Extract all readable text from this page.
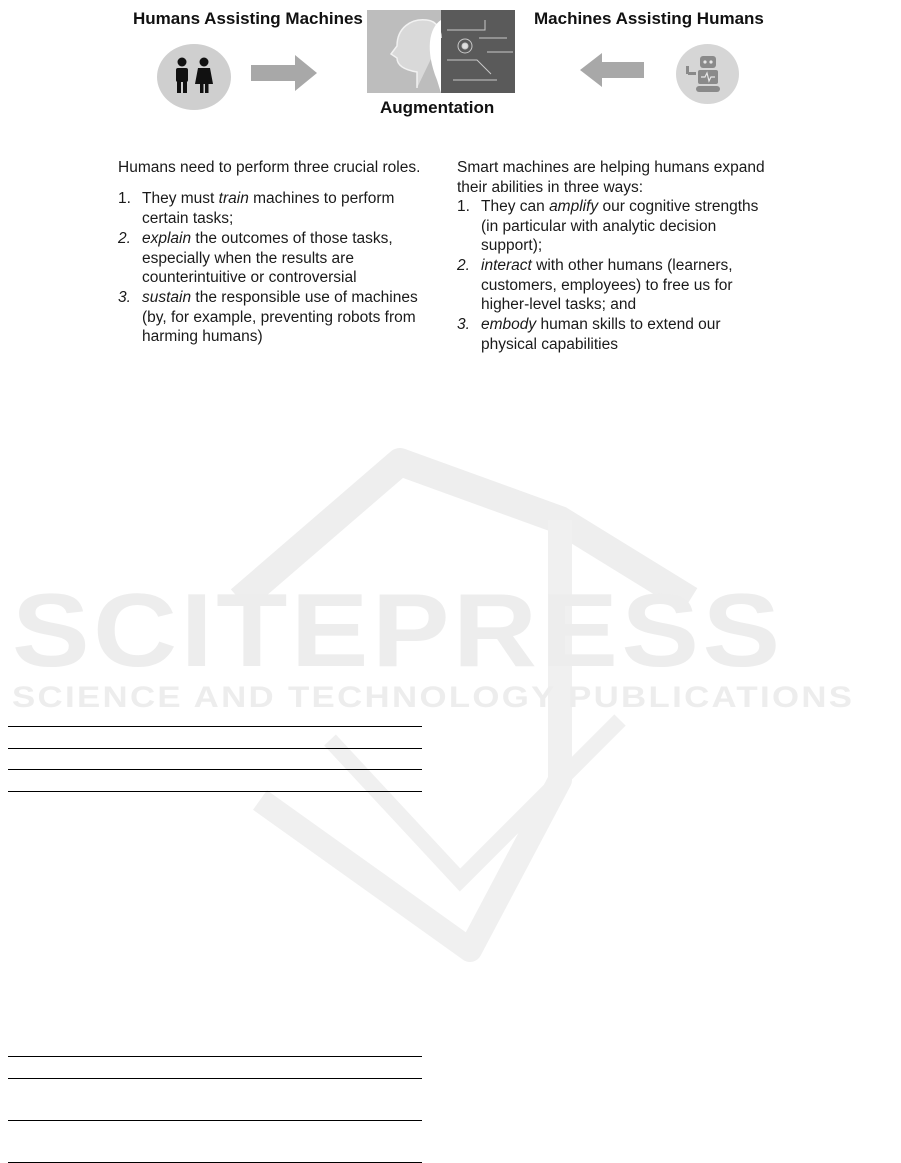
SCITEPRESS
SCIENCE AND TECHNOLOGY PUBLICATIONS
Humans Assisting Machines	Machines Assisting Humans
Augmentation
Humans need to perform three crucial roles.
1. They must train machines to perform
certain tasks;
2. explain the outcomes of those tasks,
especially when the results are
counterintuitive or controversial
3. sustain the responsible use of machines
(by, for example, preventing robots from
harming humans)
Smart machines are helping humans expand
their abilities in three ways:
1. They can amplify our cognitive strengths
(in particular with analytic decision
support);
2. interact with other humans (learners,
customers, employees) to free us for
higher-level tasks; and
3. embody human skills to extend our
physical capabilities
